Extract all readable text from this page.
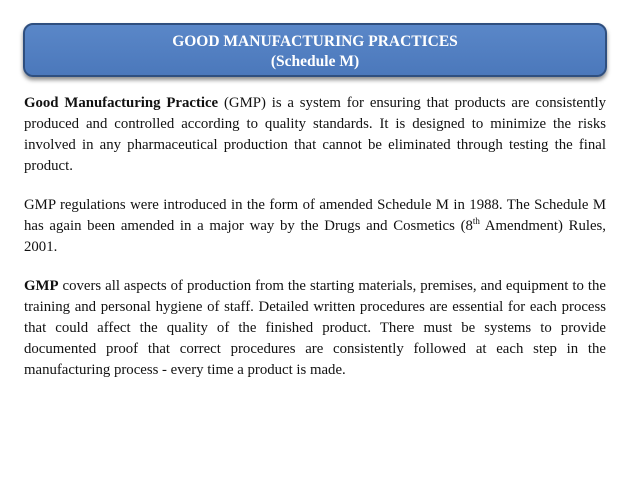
GOOD MANUFACTURING PRACTICES
(Schedule M)

Good Manufacturing Practice (GMP) is a system for ensuring that products are consistently produced and controlled according to quality standards. It is designed to minimize the risks involved in any pharmaceutical production that cannot be eliminated through testing the final product.

GMP regulations were introduced in the form of amended Schedule M in 1988. The Schedule M has again been amended in a major way by the Drugs and Cosmetics (8th Amendment) Rules, 2001.

GMP covers all aspects of production from the starting materials, premises, and equipment to the training and personal hygiene of staff. Detailed written procedures are essential for each process that could affect the quality of the finished product. There must be systems to provide documented proof that correct procedures are consistently followed at each step in the manufacturing process - every time a product is made.
